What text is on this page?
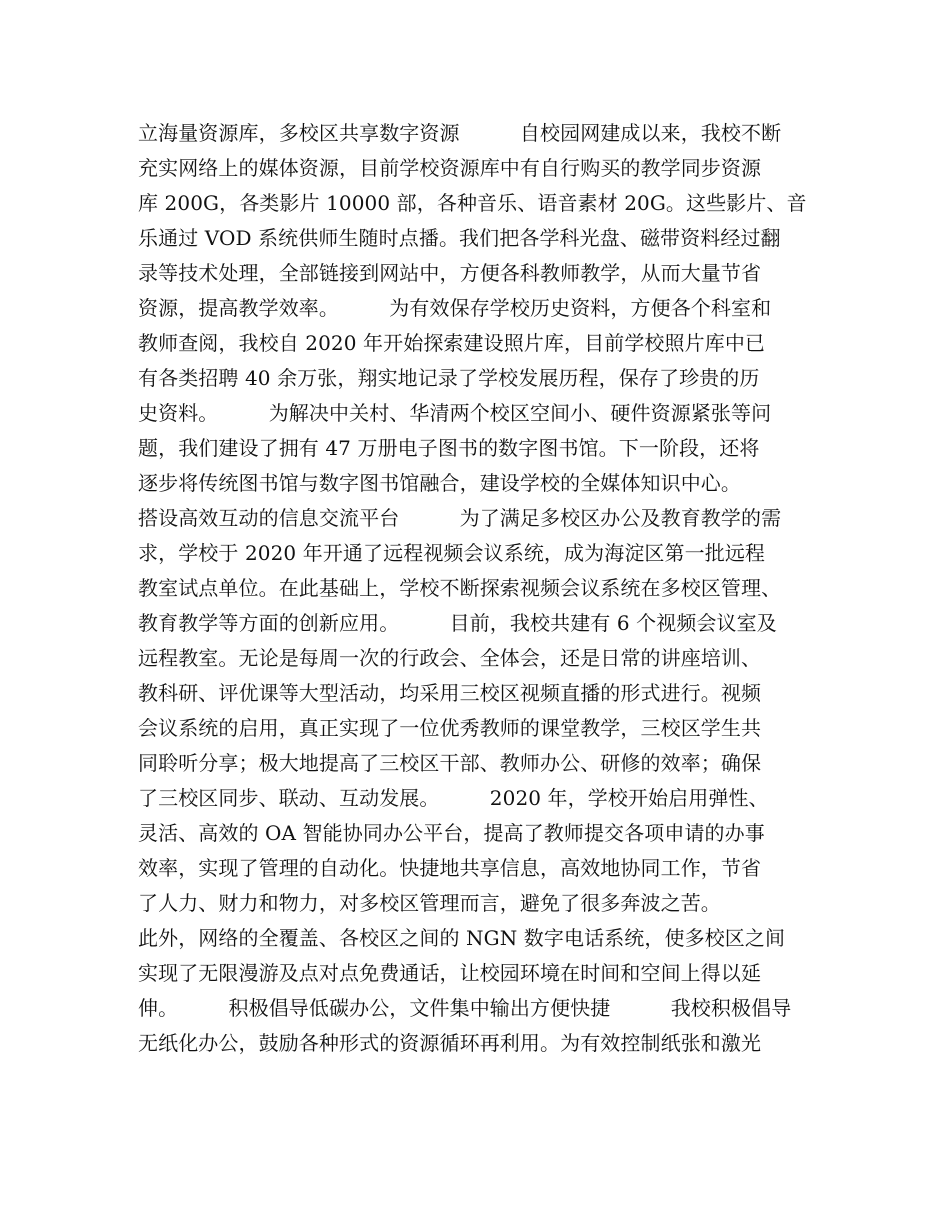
立海量资源库，多校区共享数字资源　　　自校园网建成以来，我校不断
充实网络上的媒体资源，目前学校资源库中有自行购买的教学同步资源
库 200G，各类影片 10000 部，各种音乐、语音素材 20G。这些影片、音
乐通过 VOD 系统供师生随时点播。我们把各学科光盘、磁带资料经过翻
录等技术处理，全部链接到网站中，方便各科教师教学，从而大量节省
资源，提高教学效率。　　　为有效保存学校历史资料，方便各个科室和
教师查阅，我校自 2020 年开始探索建设照片库，目前学校照片库中已
有各类招聘 40 余万张，翔实地记录了学校发展历程，保存了珍贵的历
史资料。　　　为解决中关村、华清两个校区空间小、硬件资源紧张等问
题，我们建设了拥有 47 万册电子图书的数字图书馆。下一阶段，还将
逐步将传统图书馆与数字图书馆融合，建设学校的全媒体知识中心。
搭设高效互动的信息交流平台　　　为了满足多校区办公及教育教学的需
求，学校于 2020 年开通了远程视频会议系统，成为海淀区第一批远程
教室试点单位。在此基础上，学校不断探索视频会议系统在多校区管理、
教育教学等方面的创新应用。　　　目前，我校共建有 6 个视频会议室及
远程教室。无论是每周一次的行政会、全体会，还是日常的讲座培训、
教科研、评优课等大型活动，均采用三校区视频直播的形式进行。视频
会议系统的启用，真正实现了一位优秀教师的课堂教学，三校区学生共
同聆听分享；极大地提高了三校区干部、教师办公、研修的效率；确保
了三校区同步、联动、互动发展。　　　2020 年，学校开始启用弹性、
灵活、高效的 OA 智能协同办公平台，提高了教师提交各项申请的办事
效率，实现了管理的自动化。快捷地共享信息，高效地协同工作，节省
了人力、财力和物力，对多校区管理而言，避免了很多奔波之苦。
此外，网络的全覆盖、各校区之间的 NGN 数字电话系统，使多校区之间
实现了无限漫游及点对点免费通话，让校园环境在时间和空间上得以延
伸。　　　积极倡导低碳办公，文件集中输出方便快捷　　　我校积极倡导
无纸化办公，鼓励各种形式的资源循环再利用。为有效控制纸张和激光
